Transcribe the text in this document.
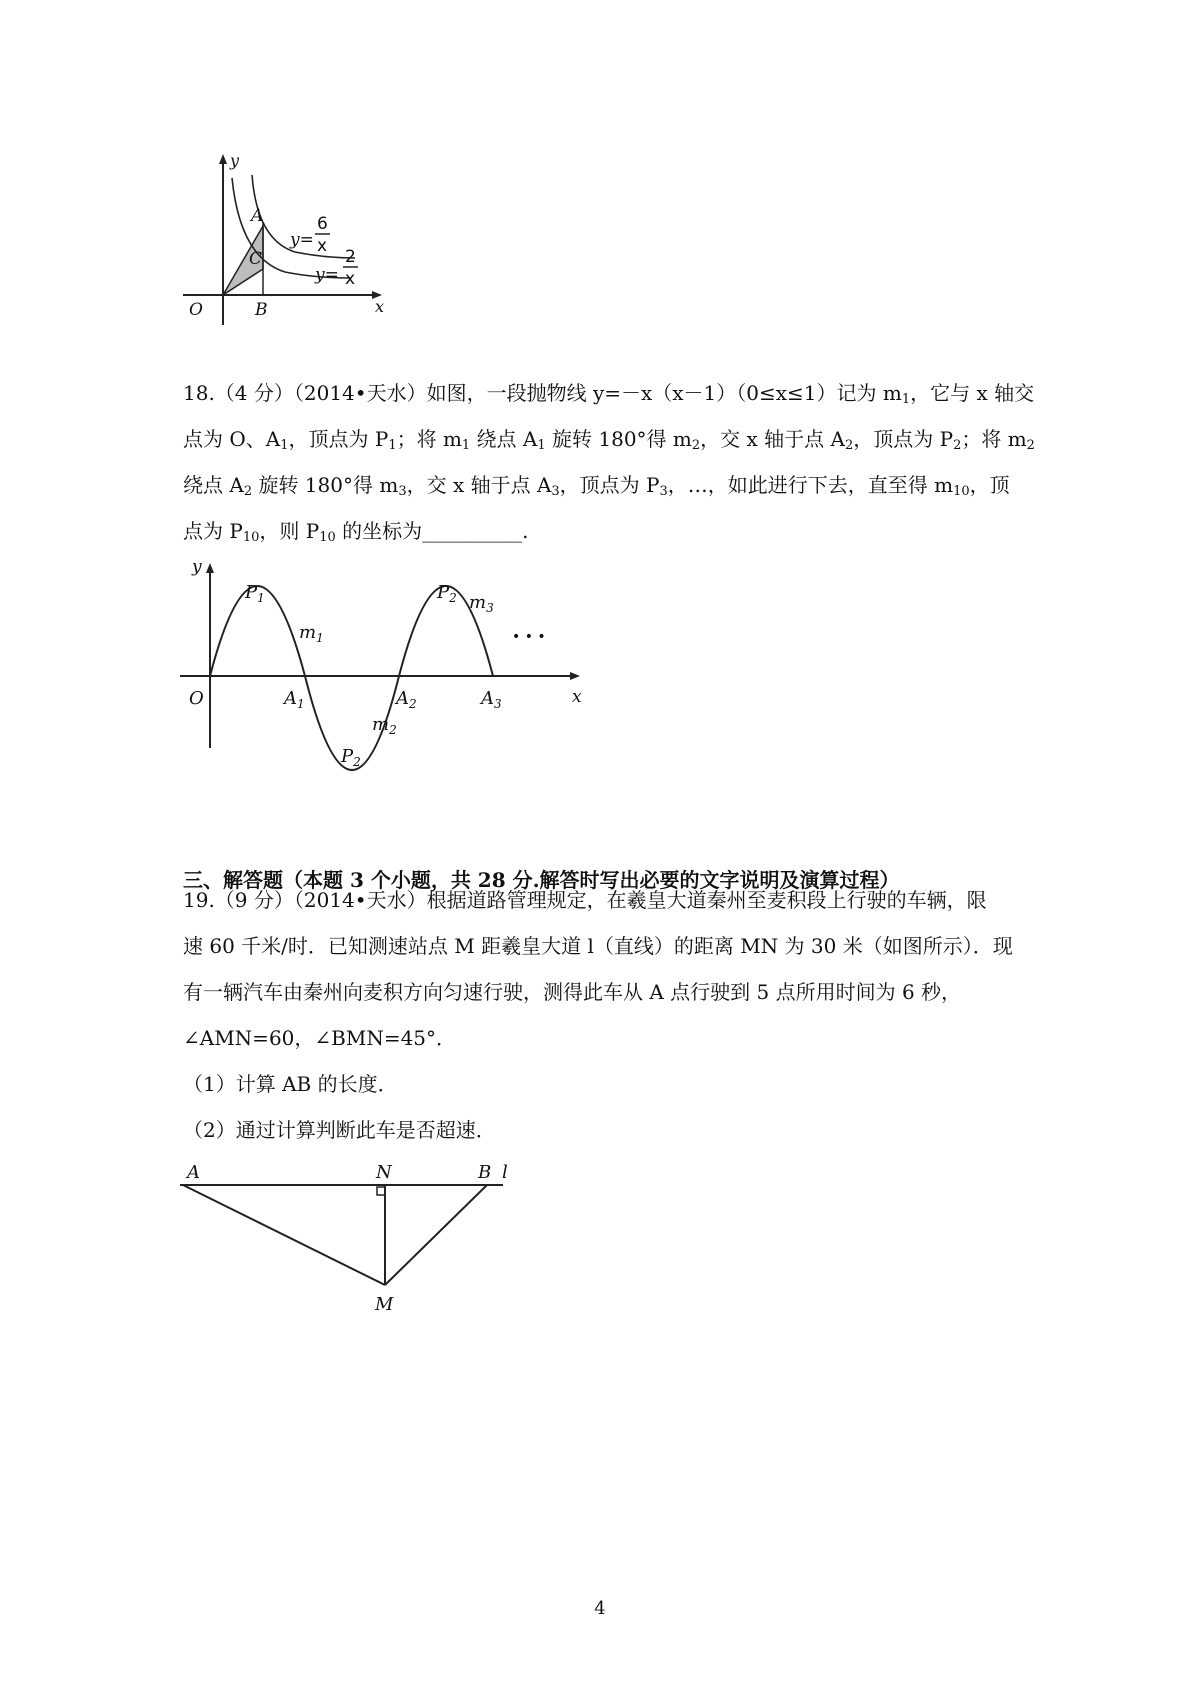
y
x
O
A
B
C
y=
6
x
y=
2
x
18.（4 分）（2014•天水）如图，一段抛物线 y=－x（x－1）（0≤x≤1）记为 $m_1$，它与 x 轴交
点为 O、$A_1$，顶点为 $P_1$；将 $m_1$ 绕点 $A_1$ 旋转 180°得 $m_2$，交 x 轴于点 $A_2$，顶点为 $P_2$；将 $m_2$
绕点 $A_2$ 旋转 180°得 $m_3$，交 x 轴于点 $A_3$，顶点为 $P_3$，…，如此进行下去，直至得 $m_{10}$，顶
点为 $P_{10}$，则 $P_{10}$ 的坐标为__________.
y
x
O
$P_1$	$P_2$
$P_2$
$m_1$
$m_2$
$m_3$
$A_1$	$A_2$	$A_3$
• • •
三、解答题（本题 3 个小题，共 28 分.解答时写出必要的文字说明及演算过程）
19.（9 分）（2014•天水）根据道路管理规定，在羲皇大道秦州至麦积段上行驶的车辆，限
速 60 千米/时．已知测速站点 M 距羲皇大道 l（直线）的距离 MN 为 30 米（如图所示）．现
有一辆汽车由秦州向麦积方向匀速行驶，测得此车从 A 点行驶到 5 点所用时间为 6 秒，
∠AMN=60，∠BMN=45°．
（1）计算 AB 的长度．
（2）通过计算判断此车是否超速．
A	N	B l
M
4
